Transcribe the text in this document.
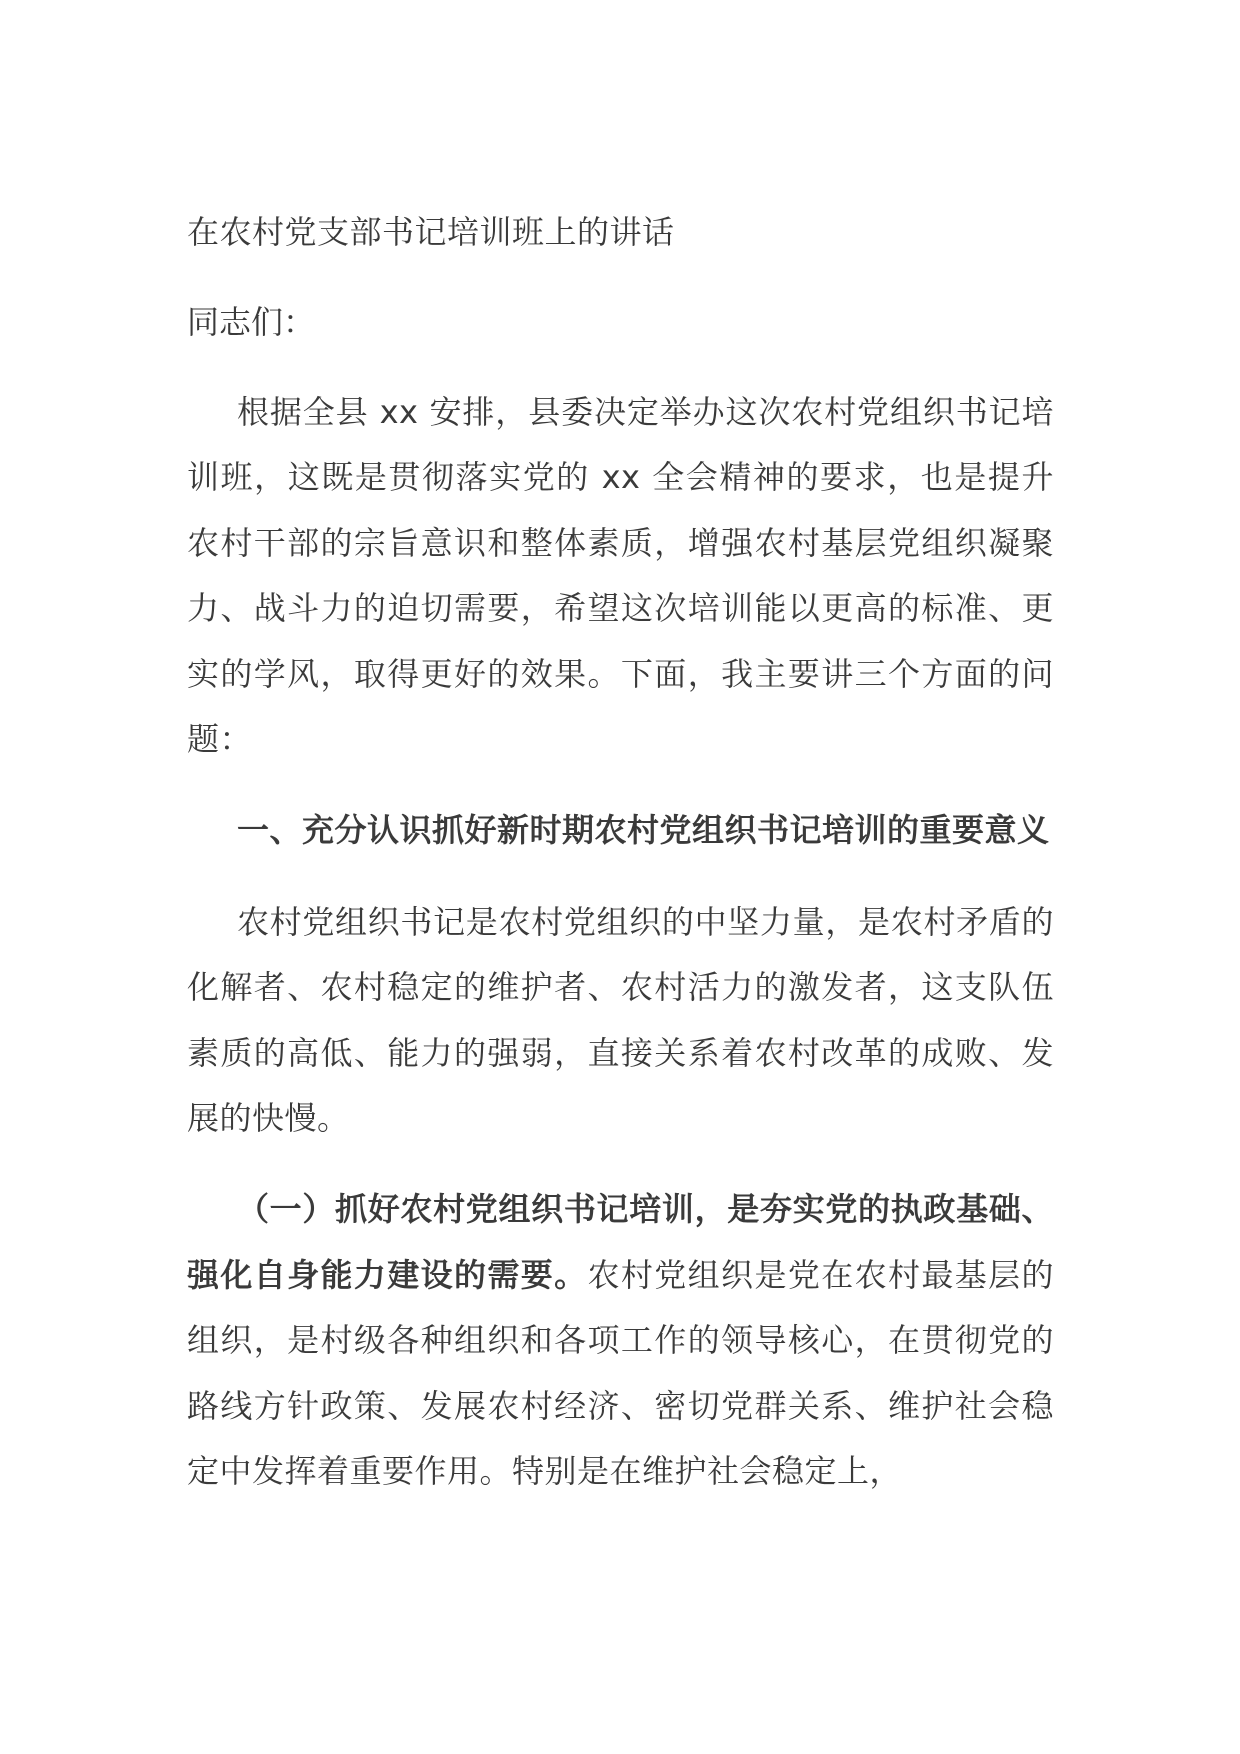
在农村党支部书记培训班上的讲话

同志们：

根据全县 xx 安排，县委决定举办这次农村党组织书记培训班，这既是贯彻落实党的 xx 全会精神的要求，也是提升农村干部的宗旨意识和整体素质，增强农村基层党组织凝聚力、战斗力的迫切需要，希望这次培训能以更高的标准、更实的学风，取得更好的效果。下面，我主要讲三个方面的问题：

一、充分认识抓好新时期农村党组织书记培训的重要意义

农村党组织书记是农村党组织的中坚力量，是农村矛盾的化解者、农村稳定的维护者、农村活力的激发者，这支队伍素质的高低、能力的强弱，直接关系着农村改革的成败、发展的快慢。

（一）抓好农村党组织书记培训，是夯实党的执政基础、强化自身能力建设的需要。农村党组织是党在农村最基层的组织，是村级各种组织和各项工作的领导核心，在贯彻党的路线方针政策、发展农村经济、密切党群关系、维护社会稳定中发挥着重要作用。特别是在维护社会稳定上，
